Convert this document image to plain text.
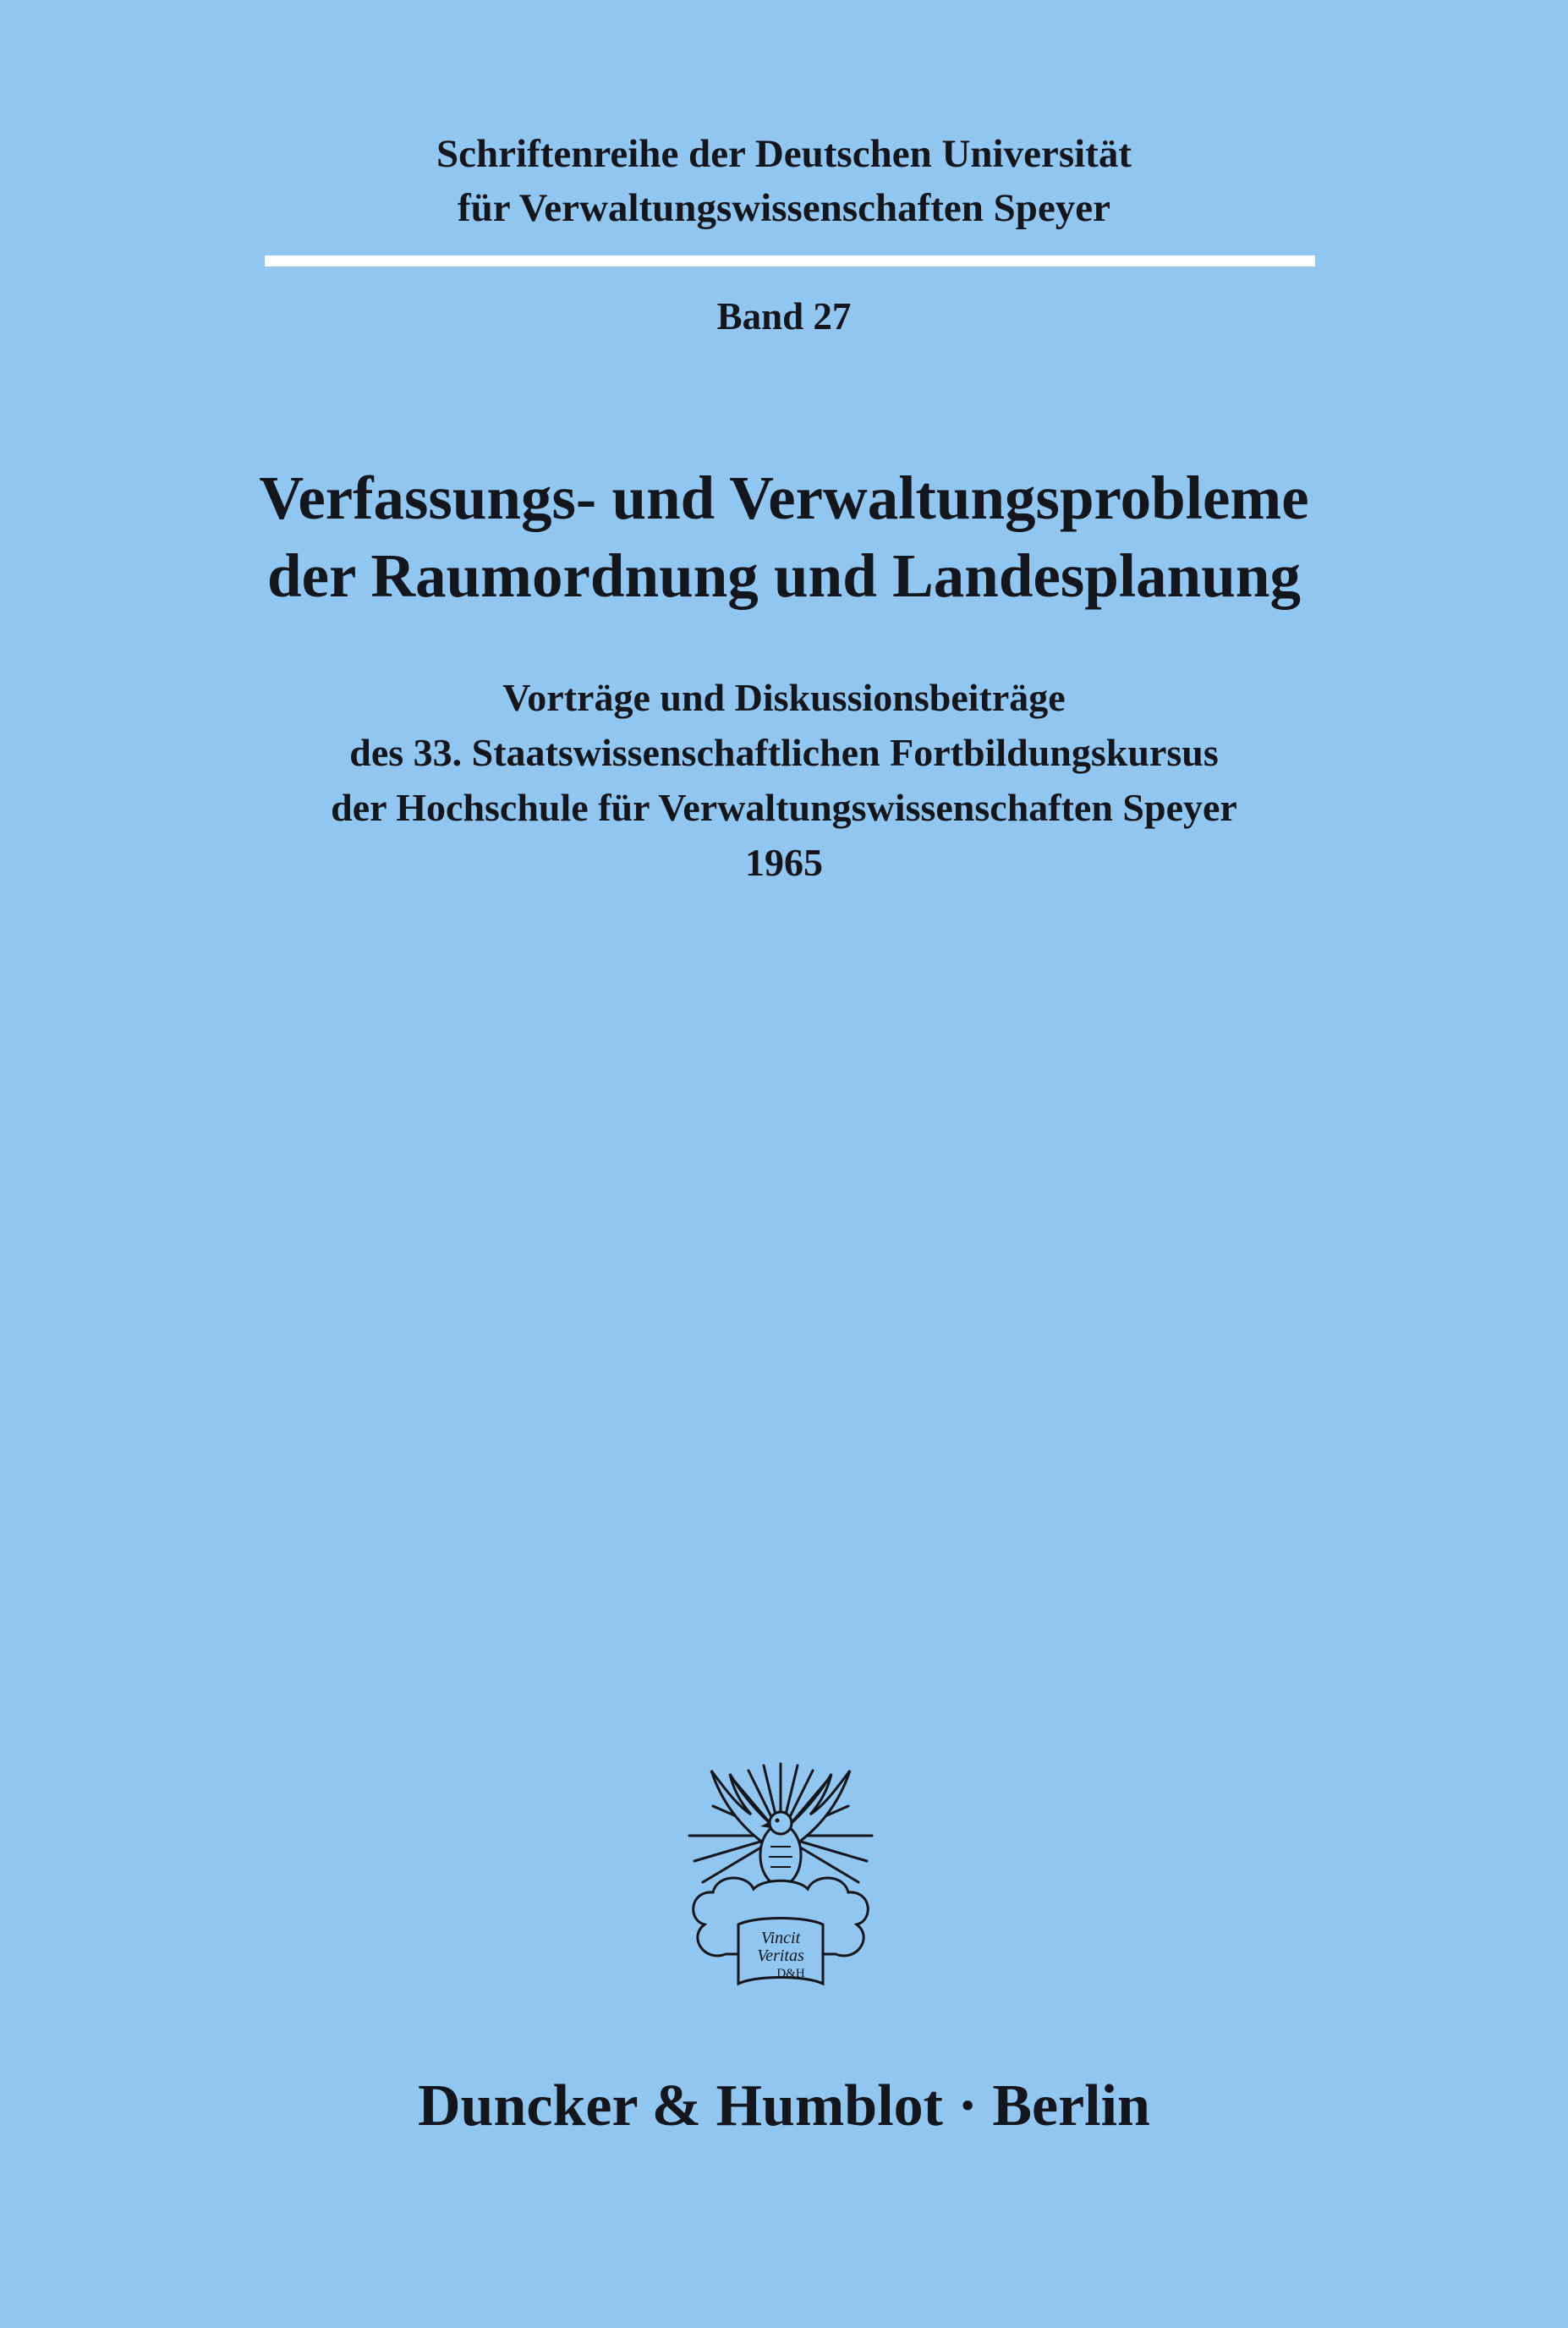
Schriftenreihe der Deutschen Universität
für Verwaltungswissenschaften Speyer
Band 27
Verfassungs- und Verwaltungsprobleme
der Raumordnung und Landesplanung
Vorträge und Diskussionsbeiträge
des 33. Staatswissenschaftlichen Fortbildungskursus
der Hochschule für Verwaltungswissenschaften Speyer
1965
Vincit
Veritas
D&H
Duncker & Humblot · Berlin
